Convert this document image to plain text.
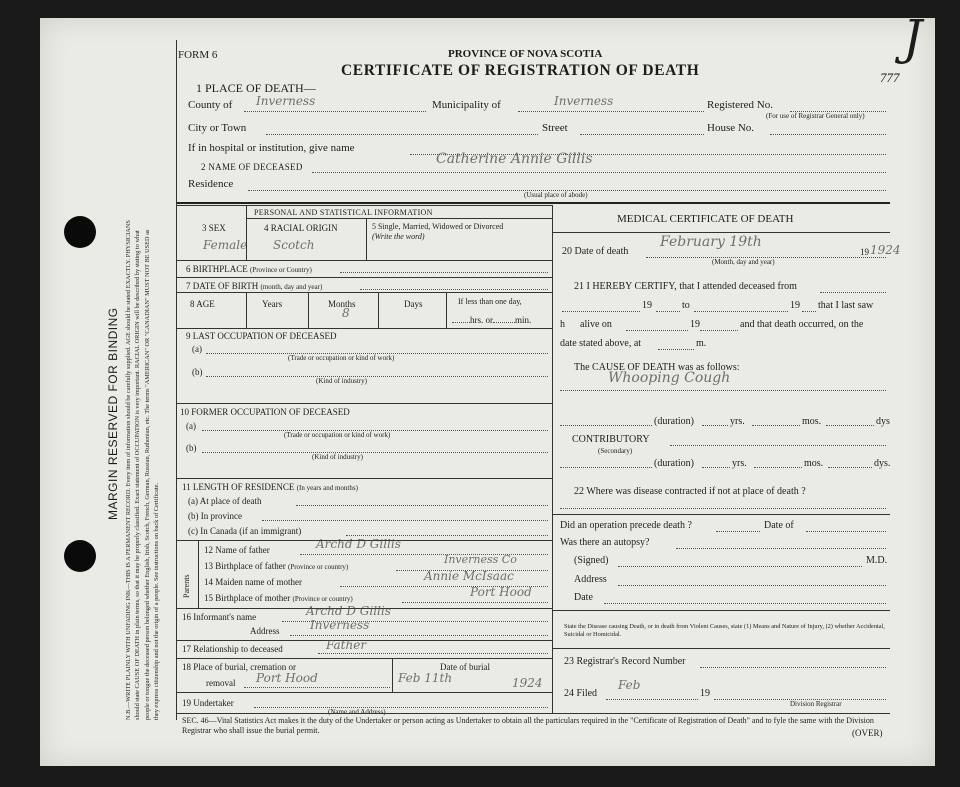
MARGIN RESERVED FOR BINDING N.B.—WRITE PLAINLY WITH UNFADING INK—THIS IS A PERMANENT RECORD. Every item of information should be carefully supplied. AGE should be stated EXACTLY. PHYSICIANS should state CAUSE OF DEATH in plain terms, so that it may be properly classified. Exact statement of OCCUPATION is very important. RACIAL ORIGIN will be described by stating to what people or tongue the deceased person belonged whether English, Irish, Scotch, French, German, Russian, Ruthenian, etc. The terms "AMERICAN" OR "CANADIAN" MUST NOT BE USED as they express citizenship and not the origin of a people. See instructions on back of Certificate.
FORM 6	PROVINCE OF NOVA SCOTIA
CERTIFICATE OF REGISTRATION OF DEATH	777
J
1 PLACE OF DEATH—
County of Inverness	Municipality of	Inverness	Registered No.
(For use of Registrar General only)
City or Town	Street	House No.
If in hospital or institution, give name
2 NAME OF DECEASED	Catherine Annie Gillis
Residence
(Usual place of abode)
PERSONAL AND STATISTICAL INFORMATION
3 SEX
Female
4 RACIAL ORIGIN
Scotch
5 Single, Married, Widowed or Divorced (Write the word)
6 BIRTHPLACE (Province or Country)
7 DATE OF BIRTH (month, day and year)
8 AGE	Years	Months
8
Days	If less than one day,
hrs. or min.
9 LAST OCCUPATION OF DECEASED
(a)
(Trade or occupation or kind of work)
(b)
(Kind of industry)
10 FORMER OCCUPATION OF DECEASED
(a)
(Trade or occupation or kind of work)
(b)
(Kind of industry)
11 LENGTH OF RESIDENCE (In years and months)
(a) At place of death
(b) In province
(c) In Canada (if an immigrant)
Parents
12 Name of father	Archd D Gillis
13 Birthplace of father (Province or country)
Inverness Co
14 Maiden name of mother	Annie McIsaac
15 Birthplace of mother (Province or country)	Port Hood
16 Informant's name	Archd D Gillis
Address	Inverness
17 Relationship to deceased	Father
18 Place of burial, cremation or
removal Port Hood
Date of burial
Feb 11th	1924
19 Undertaker
(Name and Address)
MEDICAL CERTIFICATE OF DEATH
20 Date of death
February 19th
19 1924
(Month, day and year)
21 I HEREBY CERTIFY, that I attended deceased from
19	to	19 that I last saw
h      alive on	19	and that death occurred, on the
date stated above, at	m.
The CAUSE OF DEATH was as follows:
Whooping Cough
(duration)	yrs.	mos.	dys
CONTRIBUTORY
(Secondary)
(duration)	yrs.	mos.	dys.
22 Where was disease contracted if not at place of death ?
Did an operation precede death ?	Date of
Was there an autopsy?
(Signed)	M.D.
Address
Date
State the Disease causing Death, or in death from Violent Causes, state (1) Means and Nature of Injury, (2) whether Accidental, Suicidal or Homicidal.
23 Registrar's Record Number
24 Filed
Feb
19
Division Registrar
SEC. 46—Vital Statistics Act makes it the duty of the Undertaker or person acting as Undertaker to obtain all the particulars required in the "Certificate of Registration of Death" and to fyle the same with the Division Registrar who shall issue the burial permit.	(OVER)
